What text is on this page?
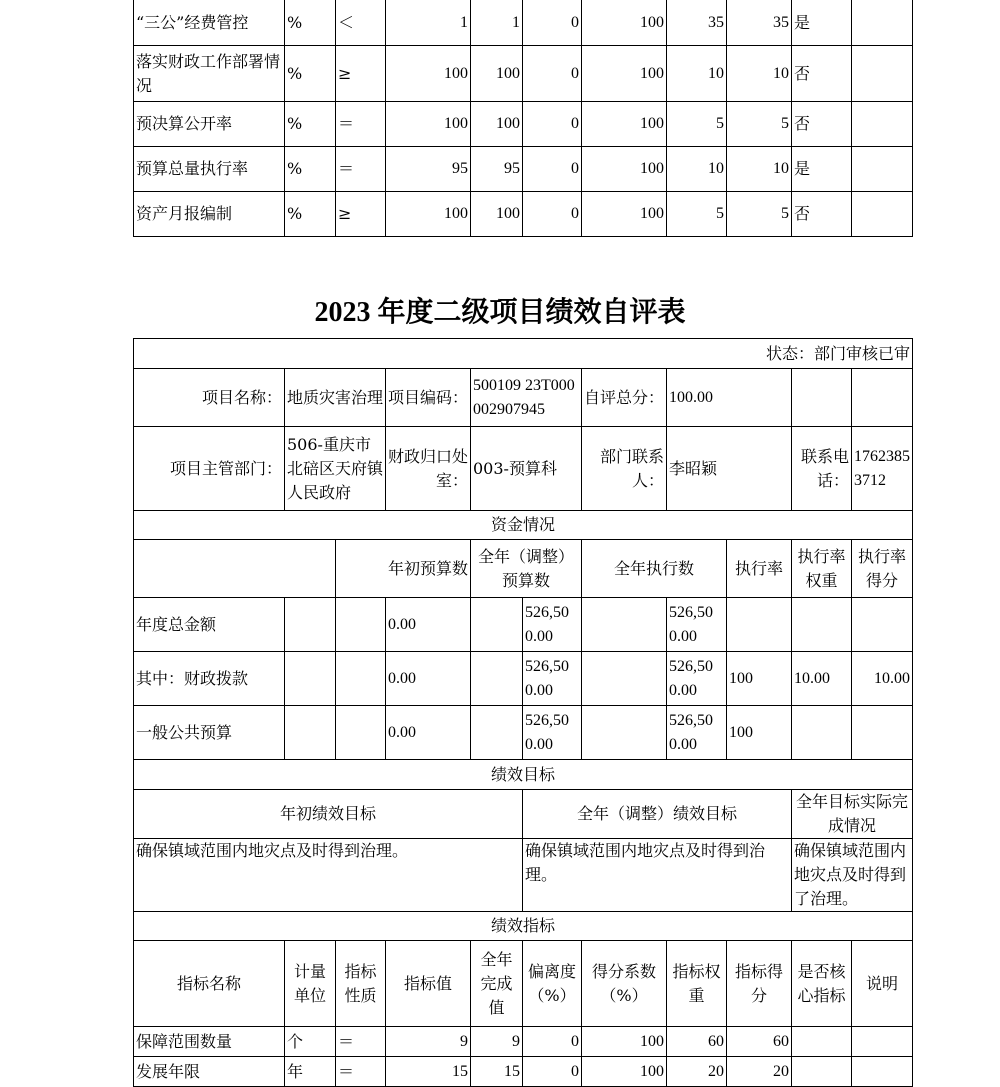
“三公”经费管控	%	＜	1	1	0	100	35	35	是	
落实财政工作部署情况	%	≥	100	100	0	100	10	10	否	
预决算公开率	%	＝	100	100	0	100	5	5	否	
预算总量执行率	%	＝	95	95	0	100	10	10	是	
资产月报编制	%	≥	100	100	0	100	5	5	否	
2023 年度二级项目绩效自评表
状态：部门审核已审										
项目名称：	地质灾害治理		项目编码：	500109 23T000002907945		自评总分：	100.00			
项目主管部门：	506-重庆市北碚区天府镇人民政府		财政归口处室：	003-预算科		部门联系人：	李昭颖		联系电话：	17623853712
资金情况										
		年初预算数		全年（调整）预算数		全年执行数		执行率	执行率权重	执行率得分
年度总金额			0.00		526,500.00		526,500.00			
其中：财政拨款			0.00		526,500.00		526,500.00	100	10.00	10.00
一般公共预算			0.00		526,500.00		526,500.00	100		
绩效目标										
年初绩效目标					全年（调整）绩效目标				全年目标实际完成情况	
确保镇域范围内地灾点及时得到治理。					确保镇域范围内地灾点及时得到治理。				确保镇域范围内地灾点及时得到了治理。	
绩效指标										
指标名称	计量单位	指标性质	指标值	全年完成值	偏离度（%）	得分系数（%）	指标权重	指标得分	是否核心指标	说明
保障范围数量	个	＝	9	9	0	100	60	60		
发展年限	年	＝	15	15	0	100	20	20		
